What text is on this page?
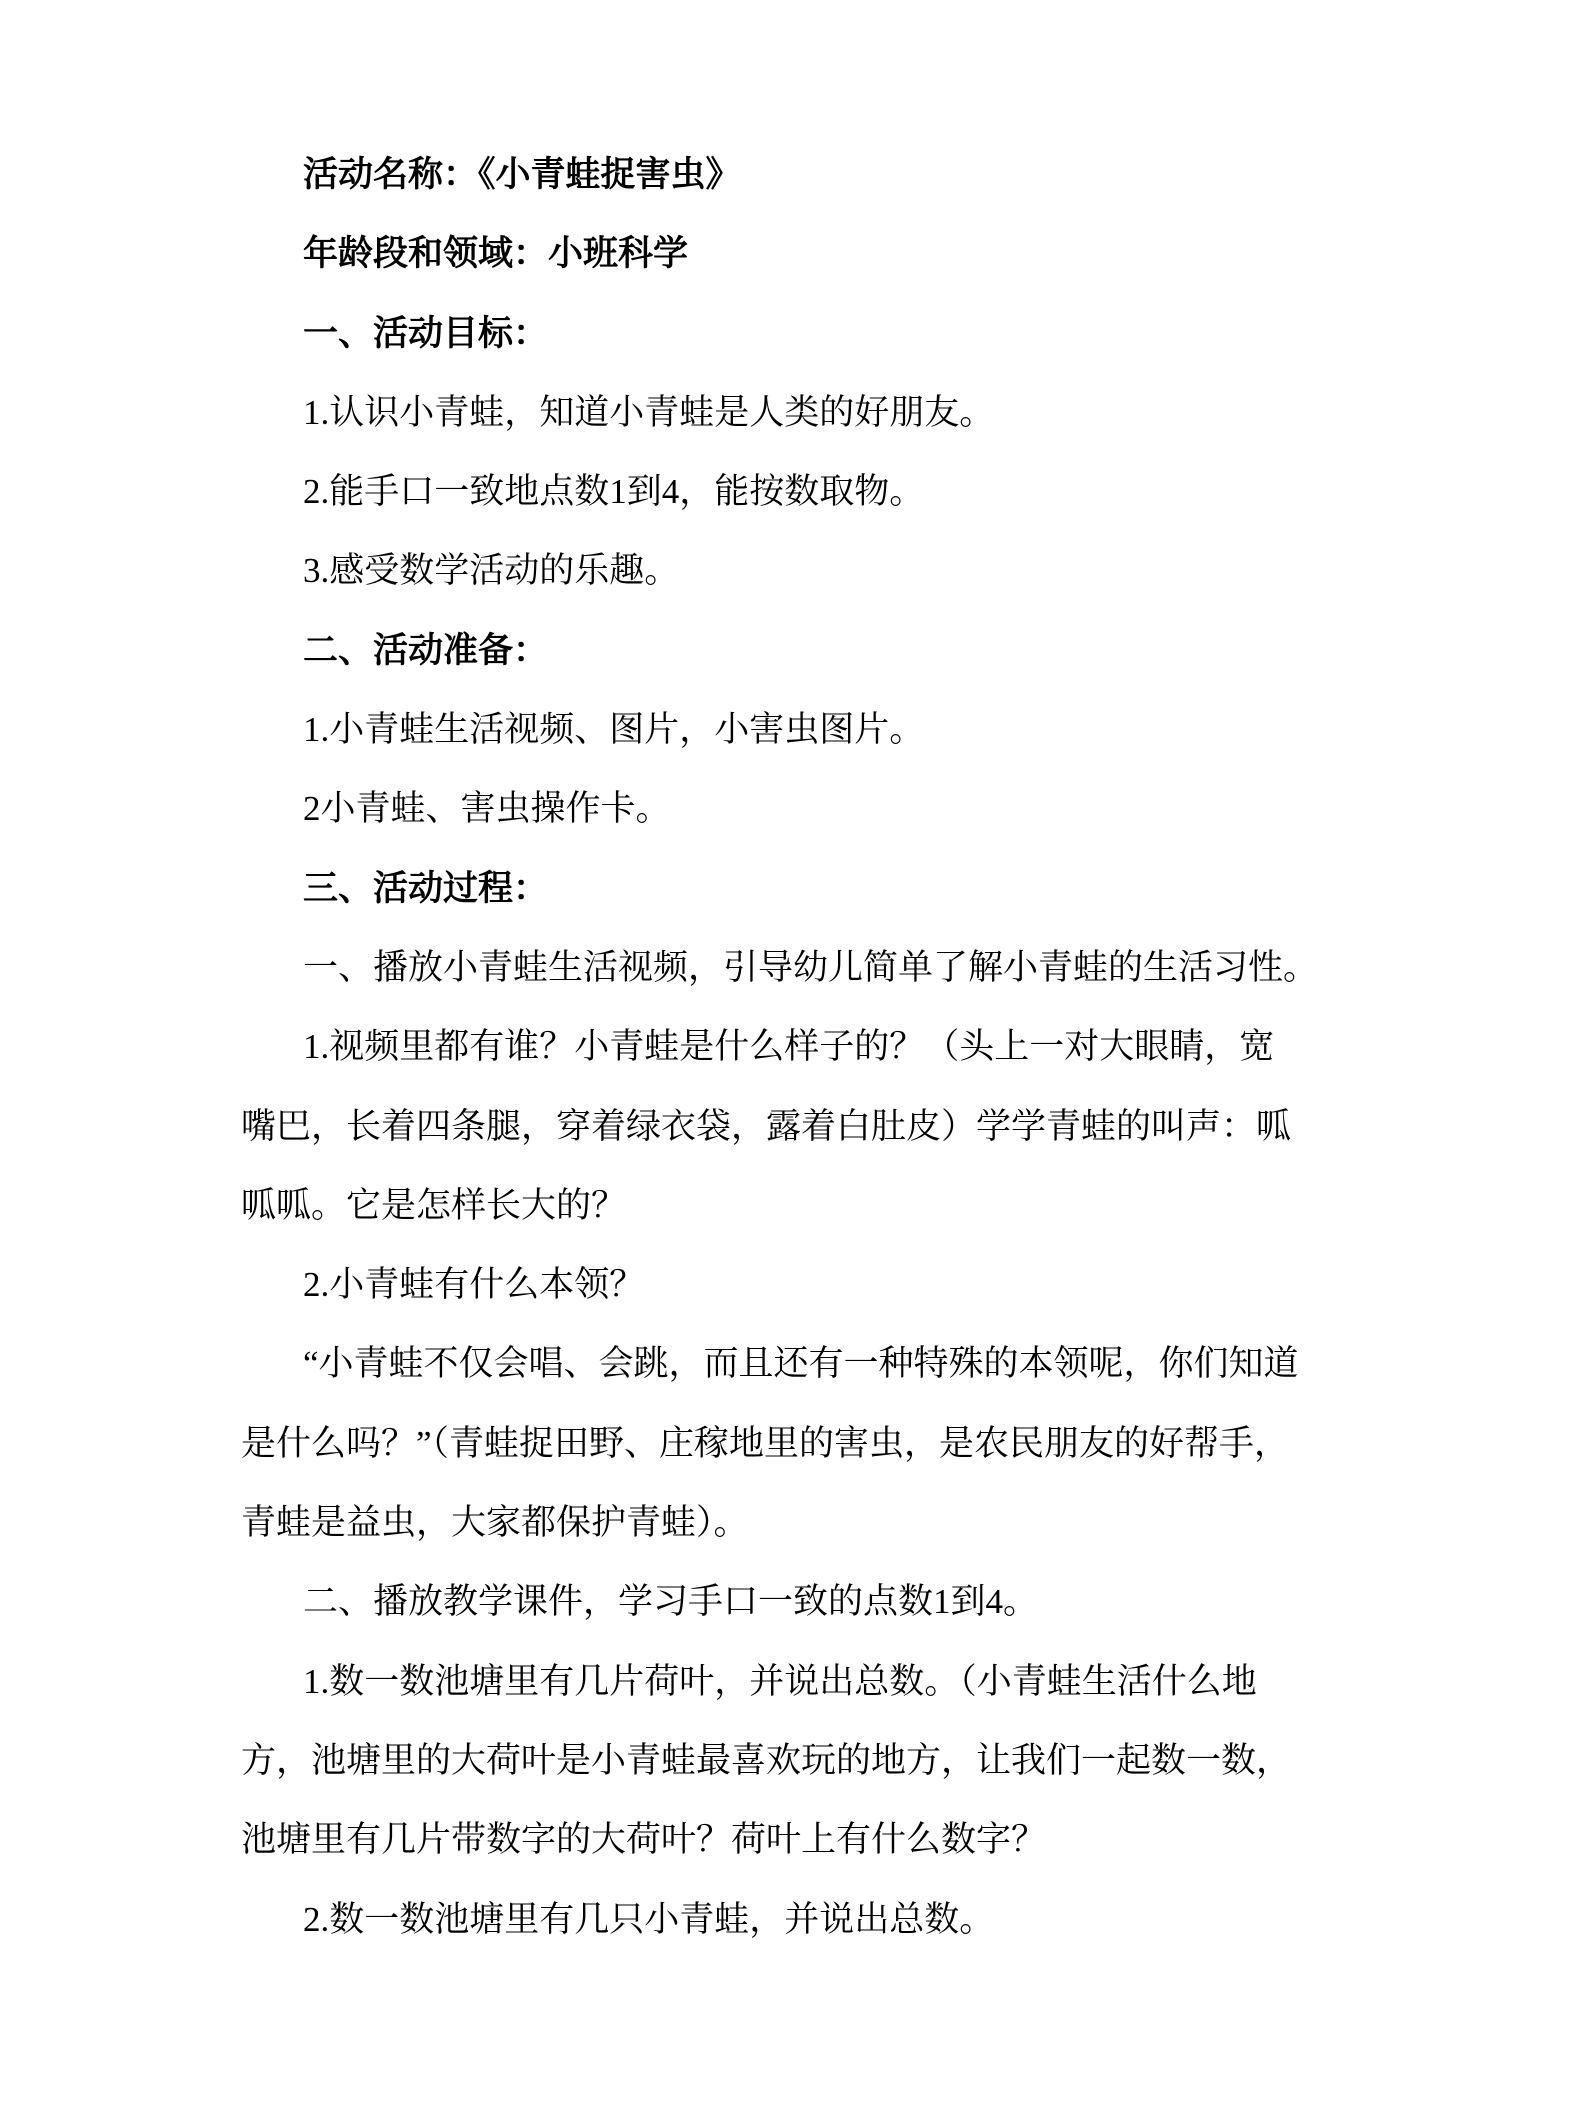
活动名称：《小青蛙捉害虫》
年龄段和领域：小班科学
一、活动目标：
1.认识小青蛙，知道小青蛙是人类的好朋友。
2.能手口一致地点数1到4，能按数取物。
3.感受数学活动的乐趣。
二、活动准备：
1.小青蛙生活视频、图片，小害虫图片。
2小青蛙、害虫操作卡。
三、活动过程：
一、播放小青蛙生活视频，引导幼儿简单了解小青蛙的生活习性。
1.视频里都有谁？小青蛙是什么样子的？（头上一对大眼睛，宽
嘴巴，长着四条腿，穿着绿衣袋，露着白肚皮）学学青蛙的叫声：呱
呱呱。它是怎样长大的？
2.小青蛙有什么本领？
“小青蛙不仅会唱、会跳，而且还有一种特殊的本领呢，你们知道
是什么吗？”（青蛙捉田野、庄稼地里的害虫，是农民朋友的好帮手，
青蛙是益虫，大家都保护青蛙）。
二、播放教学课件，学习手口一致的点数1到4。
1.数一数池塘里有几片荷叶，并说出总数。（小青蛙生活什么地
方，池塘里的大荷叶是小青蛙最喜欢玩的地方，让我们一起数一数，
池塘里有几片带数字的大荷叶？荷叶上有什么数字？
2.数一数池塘里有几只小青蛙，并说出总数。
